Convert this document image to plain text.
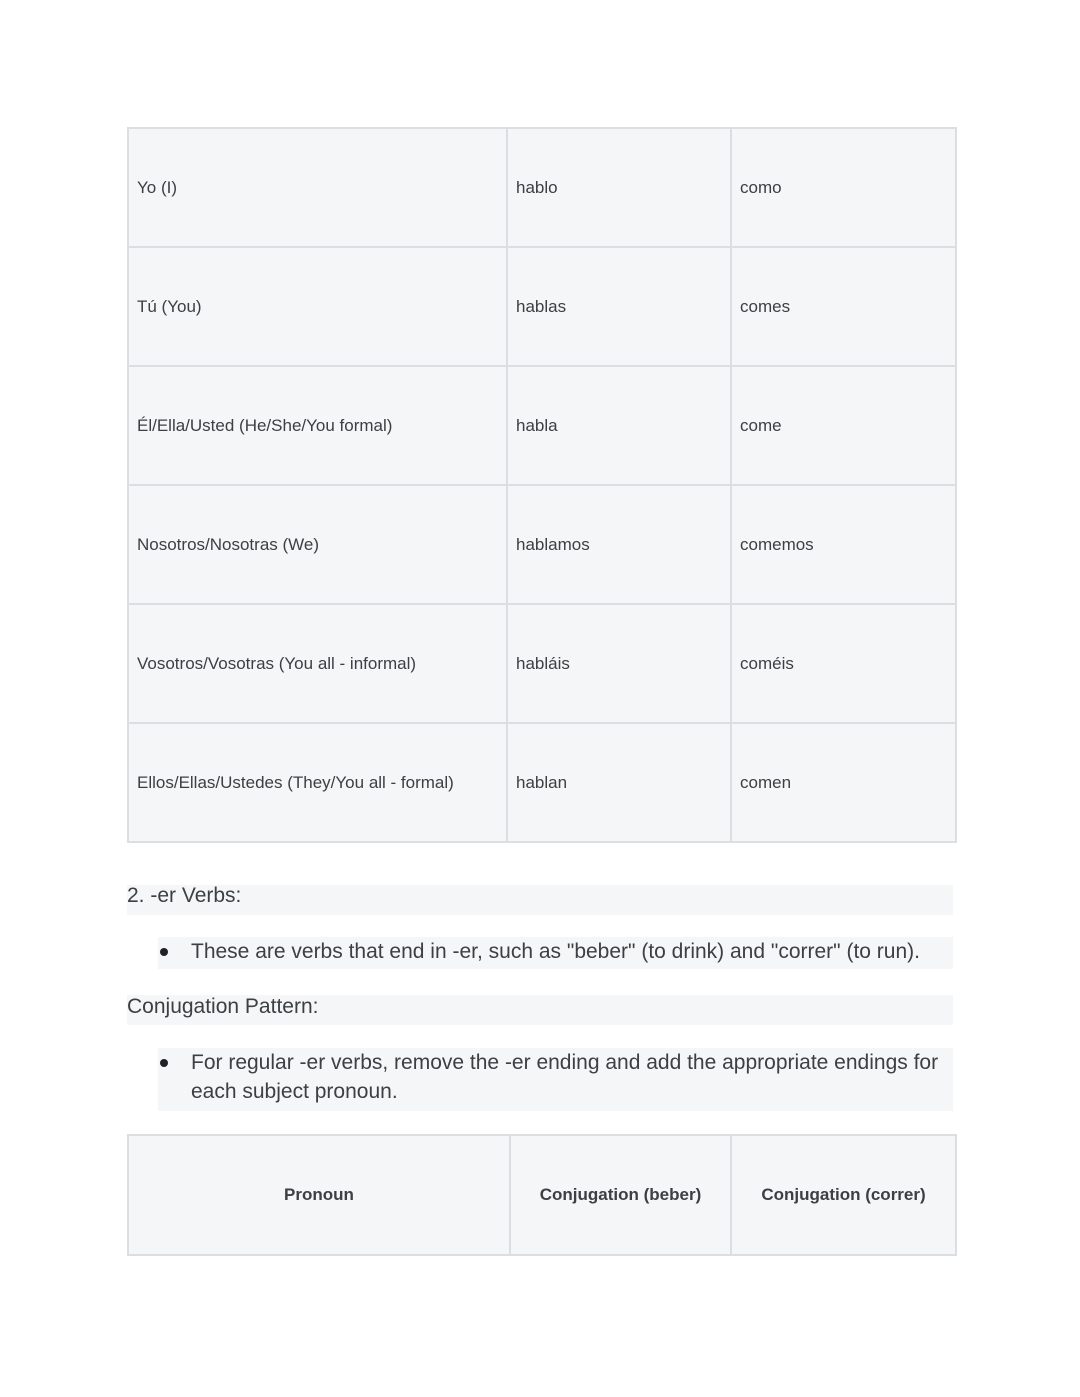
Yo (I)	hablo	como
Tú (You)	hablas	comes
Él/Ella/Usted (He/She/You formal)	habla	come
Nosotros/Nosotras (We)	hablamos	comemos
Vosotros/Vosotras (You all - informal)	habláis	coméis
Ellos/Ellas/Ustedes (They/You all - formal)	hablan	comen
2. -er Verbs:
These are verbs that end in -er, such as "beber" (to drink) and "correr" (to run).
Conjugation Pattern:
For regular -er verbs, remove the -er ending and add the appropriate endings for
each subject pronoun.
Pronoun	Conjugation (beber)	Conjugation (correr)
